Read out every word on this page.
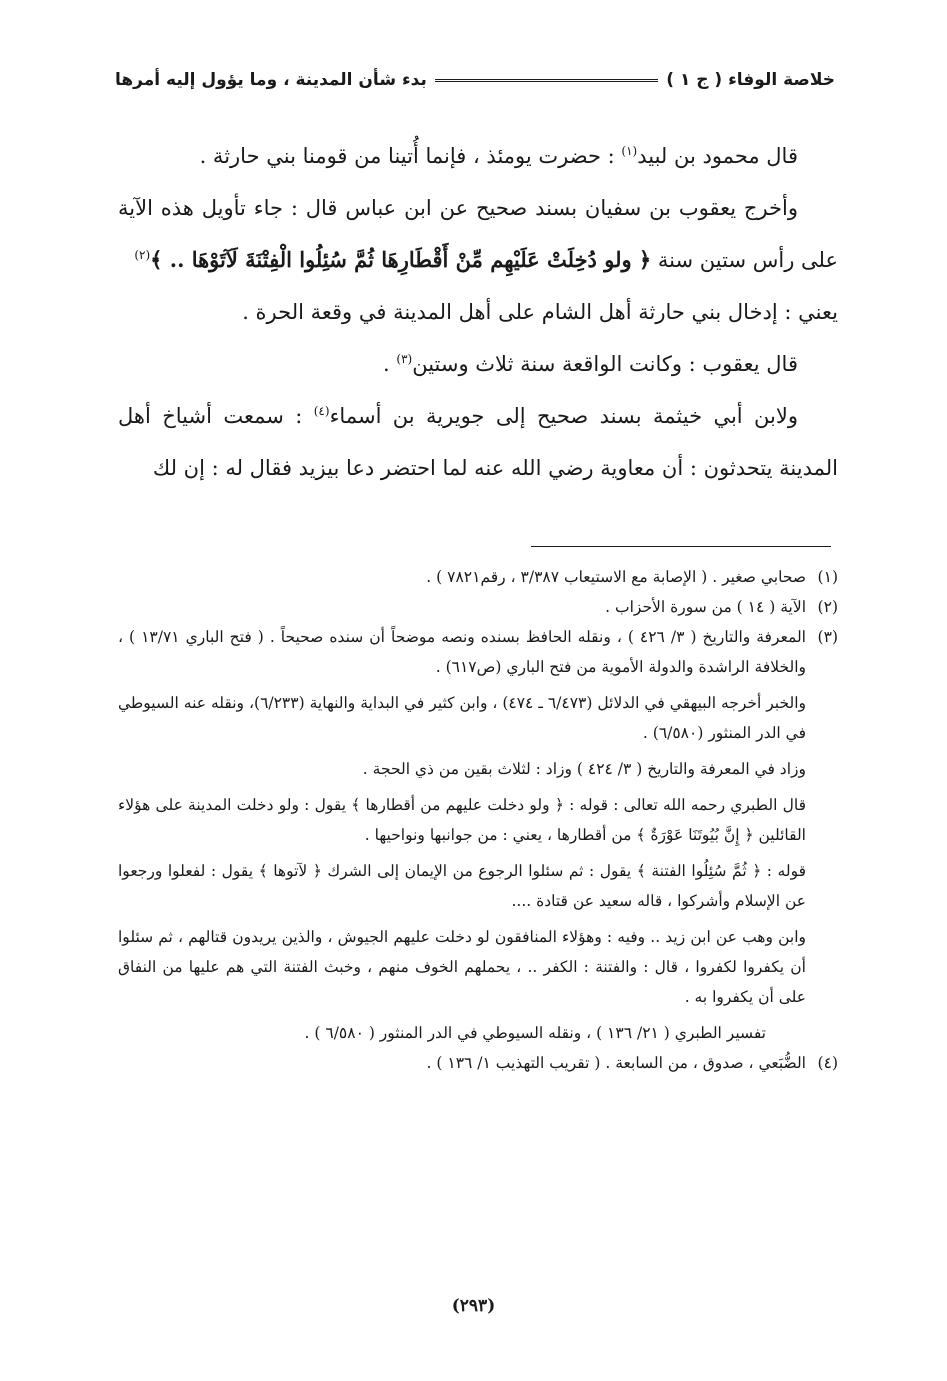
خلاصة الوفاء ( ج ١ )
بدء شأن المدينة ، وما يؤول إليه أمرها

قال محمود بن لبيد$^{(١)}$ : حضرت يومئذ ، فإنما أُتينا من قومنا بني حارثة .

وأخرج يعقوب بن سفيان بسند صحيح عن ابن عباس قال : جاء تأويل هذه الآية على رأس ستين سنة ﴿ ولو دُخِلَتْ عَلَيْهِم مِّنْ أَقْطَارِهَا ثُمَّ سُئِلُوا الْفِتْنَةَ لَآتَوْهَا .. ﴾$^{(٢)}$

يعني : إدخال بني حارثة أهل الشام على أهل المدينة في وقعة الحرة .

قال يعقوب : وكانت الواقعة سنة ثلاث وستين$^{(٣)}$ .

ولابن أبي خيثمة بسند صحيح إلى جويرية بن أسماء$^{(٤)}$ : سمعت أشياخ أهل المدينة يتحدثون : أن معاوية رضي الله عنه لما احتضر دعا بيزيد فقال له : إن لك

(١)

صحابي صغير . ( الإصابة مع الاستيعاب ٣/٣٨٧ ، رقم٧٨٢١ ) .

(٢)

الآية ( ١٤ ) من سورة الأحزاب .

(٣)

المعرفة والتاريخ ( ٣/ ٤٢٦ ) ، ونقله الحافظ بسنده ونصه موضحاً أن سنده صحيحاً . ( فتح الباري ١٣/٧١ ) ، والخلافة الراشدة والدولة الأموية من فتح الباري (ص٦١٧) .

والخبر أخرجه البيهقي في الدلائل (٦/٤٧٣ ـ ٤٧٤) ، وابن كثير في البداية والنهاية (٦/٢٣٣)، ونقله عنه السيوطي في الدر المنثور (٦/٥٨٠) .

وزاد في المعرفة والتاريخ ( ٣/ ٤٢٤ ) وزاد : لثلاث بقين من ذي الحجة .

قال الطبري رحمه الله تعالى : قوله : ﴿ ولو دخلت عليهم من أقطارها ﴾ يقول : ولو دخلت المدينة على هؤلاء القائلين ﴿ إِنَّ بُيُوتَنَا عَوْرَةٌ ﴾ من أقطارها ، يعني : من جوانبها ونواحيها .

قوله : ﴿ ثُمَّ سُئِلُوا الفتنة ﴾ يقول : ثم سئلوا الرجوع من الإيمان إلى الشرك ﴿ لآتوها ﴾ يقول : لفعلوا ورجعوا عن الإسلام وأشركوا ، قاله سعيد عن قتادة ....

وابن وهب عن ابن زيد .. وفيه : وهؤلاء المنافقون لو دخلت عليهم الجيوش ، والذين يريدون قتالهم ، ثم سئلوا أن يكفروا لكفروا ، قال : والفتنة : الكفر .. ، يحملهم الخوف منهم ، وخبث الفتنة التي هم عليها من النفاق على أن يكفروا به .

تفسير الطبري ( ٢١/ ١٣٦ ) ، ونقله السيوطي في الدر المنثور ( ٦/٥٨٠ ) .

(٤)

الضُّبَعي ، صدوق ، من السابعة . ( تقريب التهذيب ١/ ١٣٦ ) .

(٢٩٣)
